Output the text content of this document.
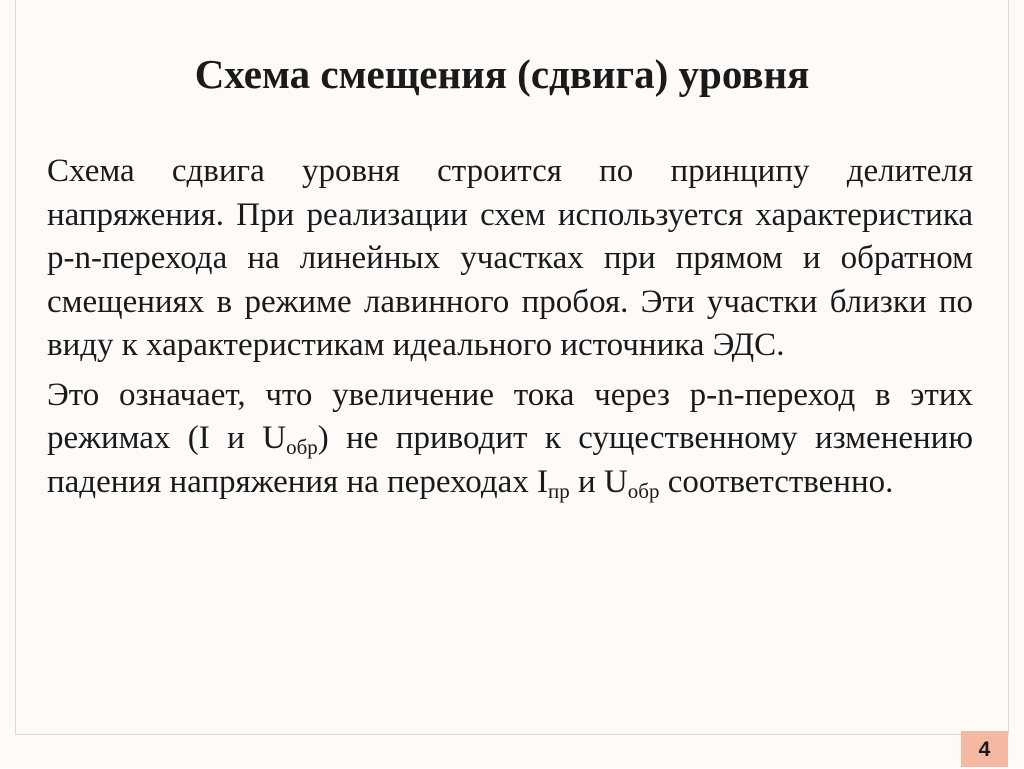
Схема смещения (сдвига) уровня

Схема сдвига уровня строится по принципу делителя напряжения. При реализации схем используется характеристика p-n-перехода на линейных участках при прямом и обратном смещениях в режиме лавинного пробоя. Эти участки близки по виду к характеристикам идеального источника ЭДС.

Это означает, что увеличение тока через p-n-переход в этих режимах (I и $U_{обр}$) не приводит к существенному изменению падения напряжения на переходах $I_{пр}$ и $U_{обр}$ соответственно.

4
